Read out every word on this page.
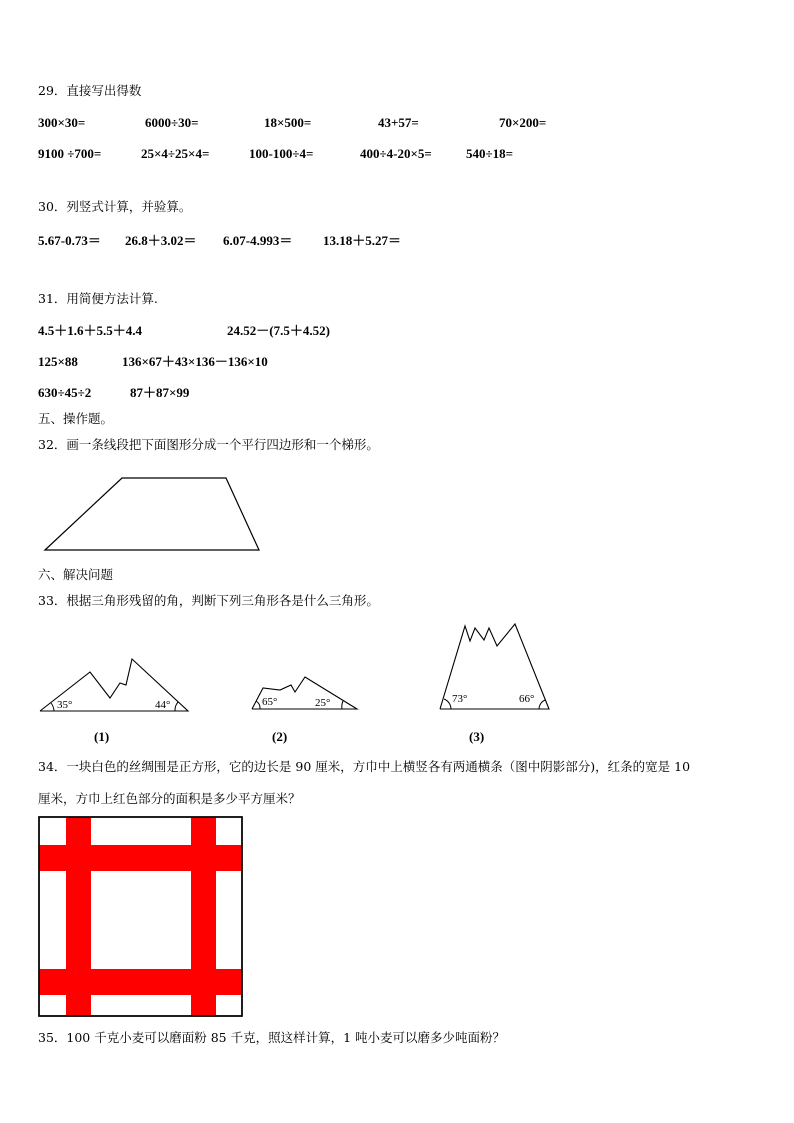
29．直接写出得数
300×30=	6000÷30=	18×500=	43+57=	70×200=
9100 ÷700=	25×4÷25×4=	100-100÷4=	400÷4-20×5=	540÷18=
30．列竖式计算，并验算。
5.67-0.73＝ 26.8＋3.02＝ 6.07-4.993＝ 13.18＋5.27＝
31．用简便方法计算.
4.5＋1.6＋5.5＋4.4	24.52－(7.5＋4.52)
125×88	136×67＋43×136－136×10
630÷45÷2	87＋87×99
五、操作题。
32．画一条线段把下面图形分成一个平行四边形和一个梯形。
六、解决问题
33．根据三角形残留的角，判断下列三角形各是什么三角形。
35°	44°	65°	25°	73°	66°
(1)	(2)	(3)
34．一块白色的丝绸围是正方形，它的边长是 90 厘米，方巾中上横竖各有两通横条（图中阴影部分)，红条的宽是 10
厘米，方巾上红色部分的面积是多少平方厘米？
35．100 千克小麦可以磨面粉 85 千克，照这样计算，1 吨小麦可以磨多少吨面粉？
